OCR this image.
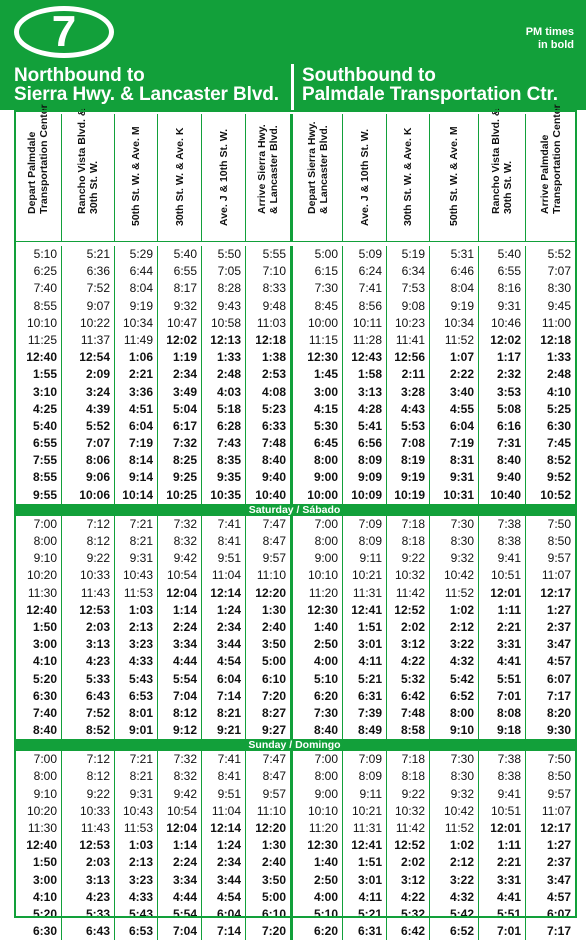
7	PM times
in bold
Northbound to
Sierra Hwy. & Lancaster Blvd.
Southbound to
Palmdale Transportation Ctr.
Depart Palmdale
Transportation Center
Rancho Vista Blvd. &
30th St. W.	50th St. W. & Ave. M	30th St. W. & Ave. K	Ave. J & 10th St. W.	Arrive Sierra Hwy.
& Lancaster Blvd.
Depart Sierra Hwy.
& Lancaster Blvd.	Ave. J & 10th St. W.	30th St. W. & Ave. K	50th St. W. & Ave. M	Rancho Vista Blvd. &
30th St. W.
Arrive Palmdale
Transportation Center
5:10	5:21	5:29	5:40	5:50	5:55	5:00	5:09	5:19	5:31	5:40	5:52
6:25	6:36	6:44	6:55	7:05	7:10	6:15	6:24	6:34	6:46	6:55	7:07
7:40	7:52	8:04	8:17	8:28	8:33	7:30	7:41	7:53	8:04	8:16	8:30
8:55	9:07	9:19	9:32	9:43	9:48	8:45	8:56	9:08	9:19	9:31	9:45
10:10	10:22	10:34	10:47	10:58	11:03	10:00	10:11	10:23	10:34	10:46	11:00
11:25	11:37	11:49	12:02	12:13	12:18	11:15	11:28	11:41	11:52	12:02	12:18
12:40	12:54	1:06	1:19	1:33	1:38	12:30	12:43	12:56	1:07	1:17	1:33
1:55	2:09	2:21	2:34	2:48	2:53	1:45	1:58	2:11	2:22	2:32	2:48
3:10	3:24	3:36	3:49	4:03	4:08	3:00	3:13	3:28	3:40	3:53	4:10
4:25	4:39	4:51	5:04	5:18	5:23	4:15	4:28	4:43	4:55	5:08	5:25
5:40	5:52	6:04	6:17	6:28	6:33	5:30	5:41	5:53	6:04	6:16	6:30
6:55	7:07	7:19	7:32	7:43	7:48	6:45	6:56	7:08	7:19	7:31	7:45
7:55	8:06	8:14	8:25	8:35	8:40	8:00	8:09	8:19	8:31	8:40	8:52
8:55	9:06	9:14	9:25	9:35	9:40	9:00	9:09	9:19	9:31	9:40	9:52
9:55	10:06	10:14	10:25	10:35	10:40	10:00	10:09	10:19	10:31	10:40	10:52
Saturday / Sábado
7:00	7:12	7:21	7:32	7:41	7:47	7:00	7:09	7:18	7:30	7:38	7:50
8:00	8:12	8:21	8:32	8:41	8:47	8:00	8:09	8:18	8:30	8:38	8:50
9:10	9:22	9:31	9:42	9:51	9:57	9:00	9:11	9:22	9:32	9:41	9:57
10:20	10:33	10:43	10:54	11:04	11:10	10:10	10:21	10:32	10:42	10:51	11:07
11:30	11:43	11:53	12:04	12:14	12:20	11:20	11:31	11:42	11:52	12:01	12:17
12:40	12:53	1:03	1:14	1:24	1:30	12:30	12:41	12:52	1:02	1:11	1:27
1:50	2:03	2:13	2:24	2:34	2:40	1:40	1:51	2:02	2:12	2:21	2:37
3:00	3:13	3:23	3:34	3:44	3:50	2:50	3:01	3:12	3:22	3:31	3:47
4:10	4:23	4:33	4:44	4:54	5:00	4:00	4:11	4:22	4:32	4:41	4:57
5:20	5:33	5:43	5:54	6:04	6:10	5:10	5:21	5:32	5:42	5:51	6:07
6:30	6:43	6:53	7:04	7:14	7:20	6:20	6:31	6:42	6:52	7:01	7:17
7:40	7:52	8:01	8:12	8:21	8:27	7:30	7:39	7:48	8:00	8:08	8:20
8:40	8:52	9:01	9:12	9:21	9:27	8:40	8:49	8:58	9:10	9:18	9:30
Sunday / Domingo
7:00	7:12	7:21	7:32	7:41	7:47	7:00	7:09	7:18	7:30	7:38	7:50
8:00	8:12	8:21	8:32	8:41	8:47	8:00	8:09	8:18	8:30	8:38	8:50
9:10	9:22	9:31	9:42	9:51	9:57	9:00	9:11	9:22	9:32	9:41	9:57
10:20	10:33	10:43	10:54	11:04	11:10	10:10	10:21	10:32	10:42	10:51	11:07
11:30	11:43	11:53	12:04	12:14	12:20	11:20	11:31	11:42	11:52	12:01	12:17
12:40	12:53	1:03	1:14	1:24	1:30	12:30	12:41	12:52	1:02	1:11	1:27
1:50	2:03	2:13	2:24	2:34	2:40	1:40	1:51	2:02	2:12	2:21	2:37
3:00	3:13	3:23	3:34	3:44	3:50	2:50	3:01	3:12	3:22	3:31	3:47
4:10	4:23	4:33	4:44	4:54	5:00	4:00	4:11	4:22	4:32	4:41	4:57
5:20	5:33	5:43	5:54	6:04	6:10	5:10	5:21	5:32	5:42	5:51	6:07
6:30	6:43	6:53	7:04	7:14	7:20	6:20	6:31	6:42	6:52	7:01	7:17
